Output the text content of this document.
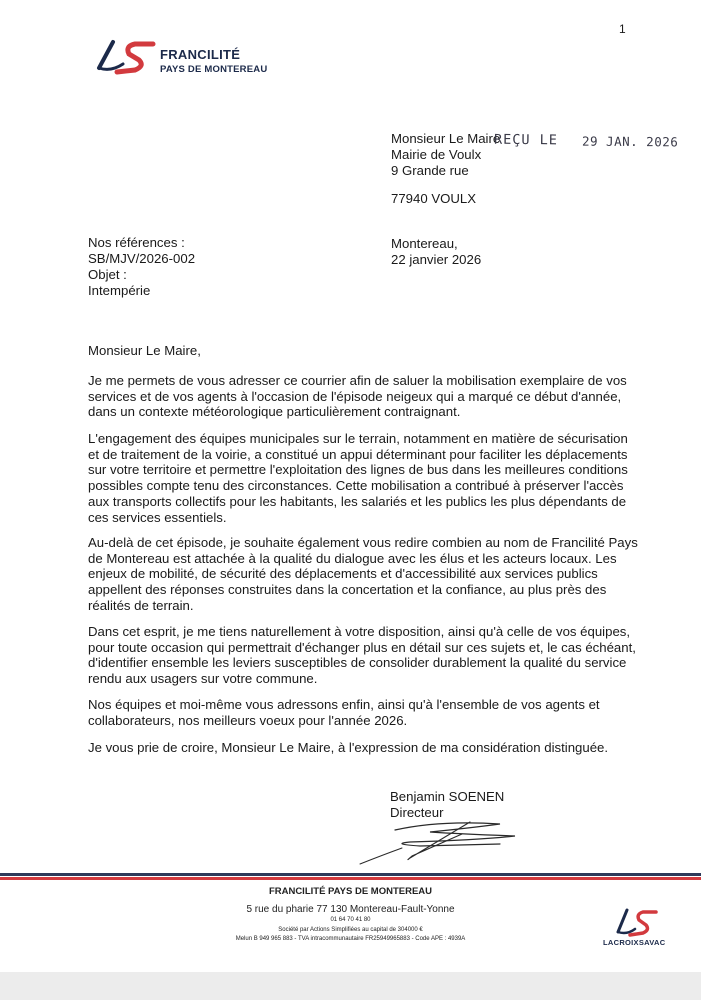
1
FRANCILITÉ
PAYS DE MONTEREAU
Monsieur Le Maire
Mairie de Voulx
9 Grande rue
77940 VOULX
REÇU LE 29 JAN. 2026
Nos références :
SB/MJV/2026-002
Objet :
Intempérie
Montereau,
22 janvier 2026
Monsieur Le Maire,
Je me permets de vous adresser ce courrier afin de saluer la mobilisation exemplaire de vos
services et de vos agents à l'occasion de l'épisode neigeux qui a marqué ce début d'année,
dans un contexte météorologique particulièrement contraignant.
L'engagement des équipes municipales sur le terrain, notamment en matière de sécurisation
et de traitement de la voirie, a constitué un appui déterminant pour faciliter les déplacements
sur votre territoire et permettre l'exploitation des lignes de bus dans les meilleures conditions
possibles compte tenu des circonstances. Cette mobilisation a contribué à préserver l'accès
aux transports collectifs pour les habitants, les salariés et les publics les plus dépendants de
ces services essentiels.
Au-delà de cet épisode, je souhaite également vous redire combien au nom de Francilité Pays
de Montereau est attachée à la qualité du dialogue avec les élus et les acteurs locaux. Les
enjeux de mobilité, de sécurité des déplacements et d'accessibilité aux services publics
appellent des réponses construites dans la concertation et la confiance, au plus près des
réalités de terrain.
Dans cet esprit, je me tiens naturellement à votre disposition, ainsi qu'à celle de vos équipes,
pour toute occasion qui permettrait d'échanger plus en détail sur ces sujets et, le cas échéant,
d'identifier ensemble les leviers susceptibles de consolider durablement la qualité du service
rendu aux usagers sur votre commune.
Nos équipes et moi-même vous adressons enfin, ainsi qu'à l'ensemble de vos agents et
collaborateurs, nos meilleurs voeux pour l'année 2026.
Je vous prie de croire, Monsieur Le Maire, à l'expression de ma considération distinguée.
Benjamin SOENEN
Directeur
FRANCILITÉ PAYS DE MONTEREAU
5 rue du pharie 77 130 Montereau-Fault-Yonne
01 64 70 41 80
Société par Actions Simplifiées au capital de 304000 €
Melun B 949 965 883 - TVA intracommunautaire FR25949965883 - Code APE : 4939A	LACROIXSAVAC
